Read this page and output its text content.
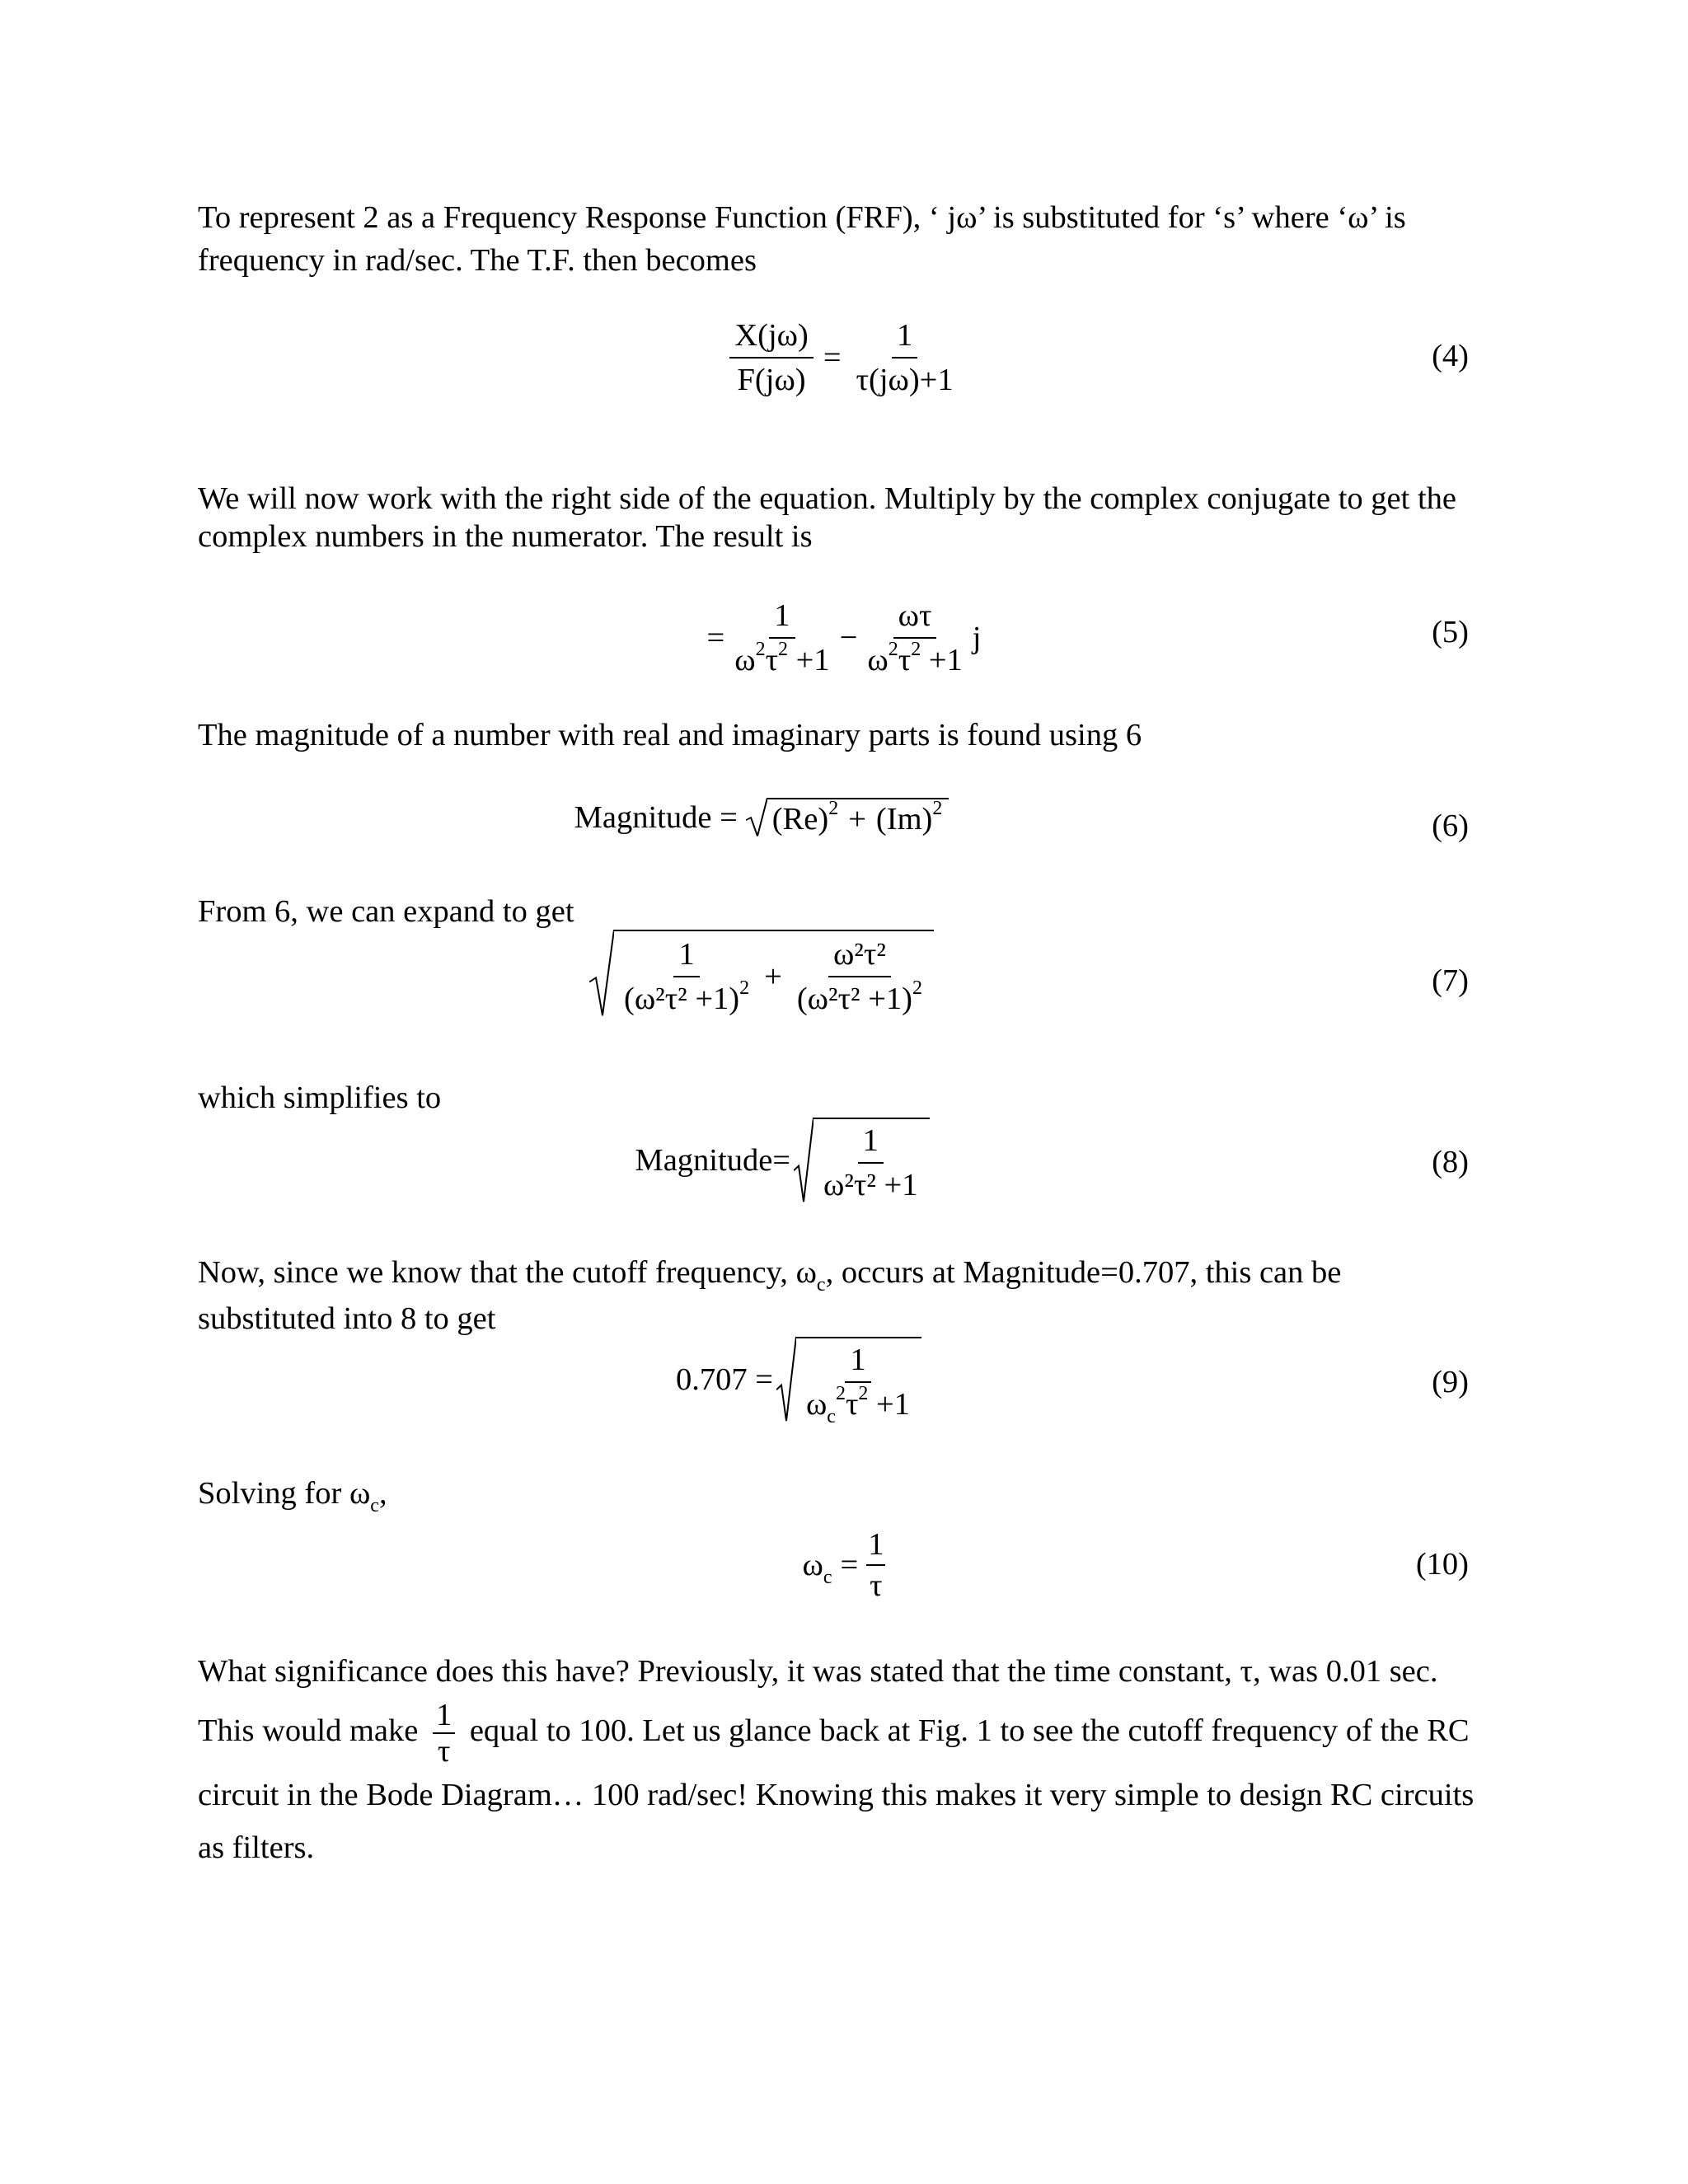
To represent 2 as a Frequency Response Function (FRF), ‘ jω’ is substituted for ‘s’ where ‘ω’ is frequency in rad/sec. The T.F. then becomes
$\frac{X(j\omega)}{F(j\omega)} = \frac{1}{\tau(j\omega)+1}$	(4)
We will now work with the right side of the equation. Multiply by the complex conjugate to get the complex numbers in the numerator. The result is
= $\frac{1}{\omega^2\tau^2 +1} - \frac{\omega\tau}{\omega^2\tau^2 +1}$ j	(5)
The magnitude of a number with real and imaginary parts is found using 6
Magnitude = $(Re)^2 + (Im)^2$	(6)
From 6, we can expand to get
$\frac{1}{(\omega^2\tau^2 +1)^2} + \frac{\text{ω²τ²}}{(\omega^2\tau^2 +1)^2}$	(7)
which simplifies to
Magnitude= $\frac{1}{\text{ω²τ² +1}}$	(8)
Now, since we know that the cutoff frequency, $\omega_c$, occurs at Magnitude=0.707, this can be substituted into 8 to get
$0.707 = \frac{1}{\omega_c^2\tau^2 +1}$	(9)
Solving for $\omega_c$,
$\omega_c = \frac{1}{\tau}$	(10)
What significance does this have? Previously, it was stated that the time constant, τ, was 0.01 sec. This would make $\frac{1}{\tau}$ equal to 100. Let us glance back at Fig. 1 to see the cutoff frequency of the RC circuit in the Bode Diagram… 100 rad/sec! Knowing this makes it very simple to design RC circuits as filters.
